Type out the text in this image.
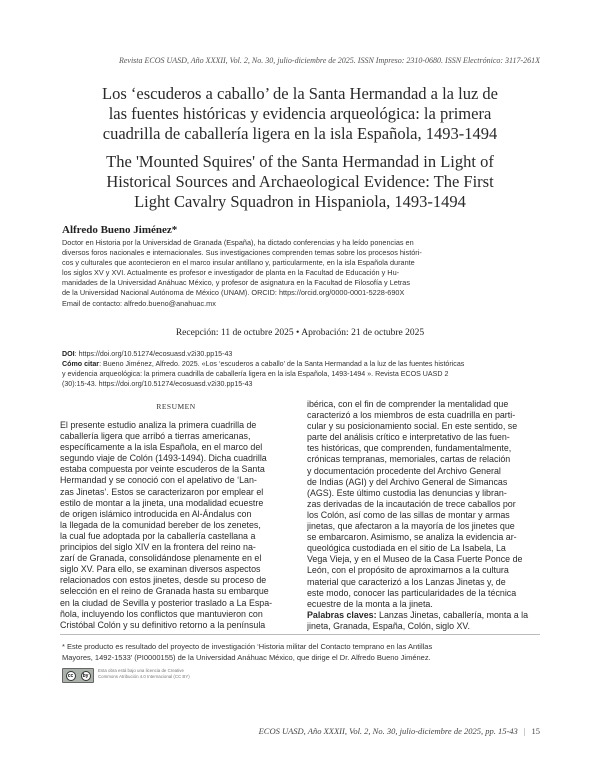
Revista ECOS UASD, Año XXXII, Vol. 2, No. 30, julio-diciembre de 2025. ISSN Impreso: 2310-0680. ISSN Electrónico: 3117-261X
Los ‘escuderos a caballo’ de la Santa Hermandad a la luz de
las fuentes históricas y evidencia arqueológica: la primera
cuadrilla de caballería ligera en la isla Española, 1493-1494
The 'Mounted Squires' of the Santa Hermandad in Light of
Historical Sources and Archaeological Evidence: The First
Light Cavalry Squadron in Hispaniola, 1493-1494
Alfredo Bueno Jiménez*
Doctor en Historia por la Universidad de Granada (España), ha dictado conferencias y ha leído ponencias en
diversos foros nacionales e internacionales. Sus investigaciones comprenden temas sobre los procesos históri-
cos y culturales que acontecieron en el marco insular antillano y, particularmente, en la isla Española durante
los siglos XV y XVI. Actualmente es profesor e investigador de planta en la Facultad de Educación y Hu-
manidades de la Universidad Anáhuac México, y profesor de asignatura en la Facultad de Filosofía y Letras
de la Universidad Nacional Autónoma de México (UNAM). ORCID: https://orcid.org/0000-0001-5228-690X
Email de contacto: alfredo.bueno@anahuac.mx
Recepción: 11 de octubre 2025 • Aprobación: 21 de octubre 2025
DOI: https://doi.org/10.51274/ecosuasd.v2i30.pp15-43
Cómo citar: Bueno Jiménez, Alfredo. 2025. «Los ‘escuderos a caballo’ de la Santa Hermandad a la luz de las fuentes históricas
y evidencia arqueológica: la primera cuadrilla de caballería ligera en la isla Española, 1493-1494 ». Revista ECOS UASD 2
(30):15-43. https://doi.org/10.51274/ecosuasd.v2i30.pp15-43
RESUMEN
El presente estudio analiza la primera cuadrilla de
caballería ligera que arribó a tierras americanas,
específicamente a la isla Española, en el marco del
segundo viaje de Colón (1493-1494). Dicha cuadrilla
estaba compuesta por veinte escuderos de la Santa
Hermandad y se conoció con el apelativo de ‘Lan-
zas Jinetas’. Estos se caracterizaron por emplear el
estilo de montar a la jineta, una modalidad ecuestre
de origen islámico introducida en Al-Ándalus con
la llegada de la comunidad bereber de los zenetes,
la cual fue adoptada por la caballería castellana a
principios del siglo XIV en la frontera del reino na-
zarí de Granada, consolidándose plenamente en el
siglo XV. Para ello, se examinan diversos aspectos
relacionados con estos jinetes, desde su proceso de
selección en el reino de Granada hasta su embarque
en la ciudad de Sevilla y posterior traslado a La Espa-
ñola, incluyendo los conflictos que mantuvieron con
Cristóbal Colón y su definitivo retorno a la península
ibérica, con el fin de comprender la mentalidad que
caracterizó a los miembros de esta cuadrilla en parti-
cular y su posicionamiento social. En este sentido, se
parte del análisis crítico e interpretativo de las fuen-
tes históricas, que comprenden, fundamentalmente,
crónicas tempranas, memoriales, cartas de relación
y documentación procedente del Archivo General
de Indias (AGI) y del Archivo General de Simancas
(AGS). Este último custodia las denuncias y libran-
zas derivadas de la incautación de trece caballos por
los Colón, así como de las sillas de montar y armas
jinetas, que afectaron a la mayoría de los jinetes que
se embarcaron. Asimismo, se analiza la evidencia ar-
queológica custodiada en el sitio de La Isabela, La
Vega Vieja, y en el Museo de la Casa Fuerte Ponce de
León, con el propósito de aproximarnos a la cultura
material que caracterizó a los Lanzas Jinetas y, de
este modo, conocer las particularidades de la técnica
ecuestre de la monta a la jineta.
Palabras claves: Lanzas Jinetas, caballería, monta a la
jineta, Granada, España, Colón, siglo XV.
* Este producto es resultado del proyecto de investigación ‘Historia militar del Contacto temprano en las Antillas
Mayores, 1492-1533’ (PI0000155) de la Universidad Anáhuac México, que dirige el Dr. Alfredo Bueno Jiménez.
cc	by
Esta obra está bajo una licencia de Creative
Commons Atribución 4.0 Internacional (CC BY)
ECOS UASD, Año XXXII, Vol. 2, No. 30, julio-diciembre de 2025, pp. 15-43 | 15
